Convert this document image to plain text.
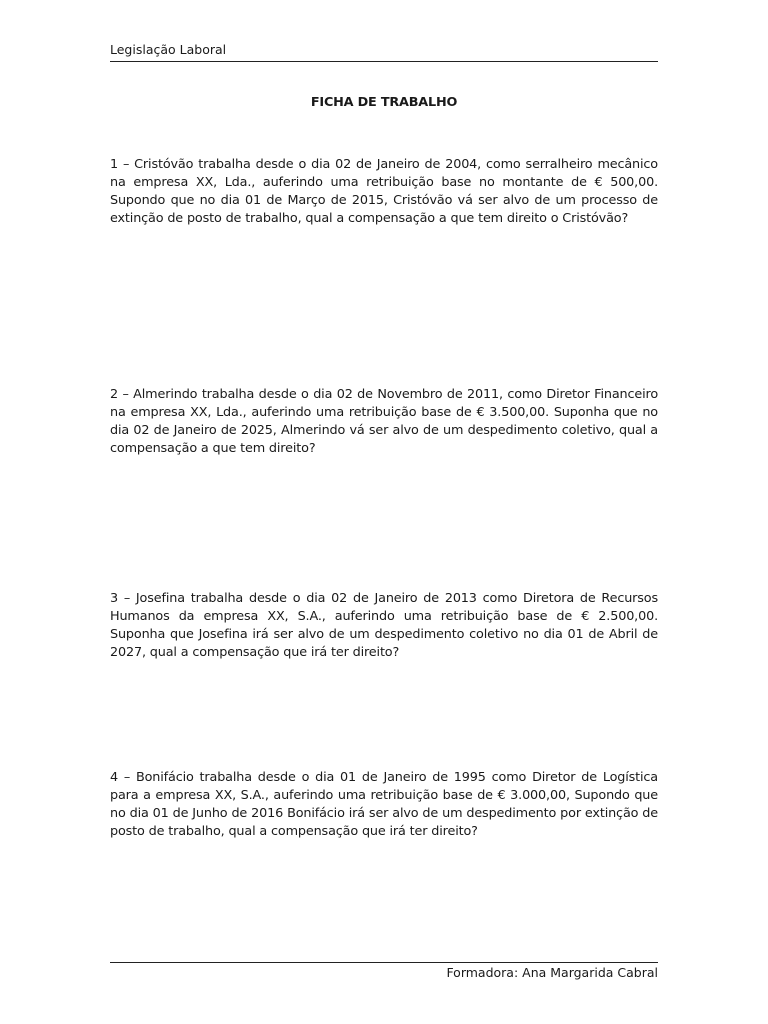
Legislação Laboral
FICHA DE TRABALHO

1 – Cristóvão trabalha desde o dia 02 de Janeiro de 2004, como serralheiro mecânico na empresa XX, Lda., auferindo uma retribuição base no montante de € 500,00. Supondo que no dia 01 de Março de 2015, Cristóvão vá ser alvo de um processo de extinção de posto de trabalho, qual a compensação a que tem direito o Cristóvão?

2 – Almerindo trabalha desde o dia 02 de Novembro de 2011, como Diretor Financeiro na empresa XX, Lda., auferindo uma retribuição base de € 3.500,00. Suponha que no dia 02 de Janeiro de 2025, Almerindo vá ser alvo de um despedimento coletivo, qual a compensação a que tem direito?

3 – Josefina trabalha desde o dia 02 de Janeiro de 2013 como Diretora de Recursos Humanos da empresa XX, S.A., auferindo uma retribuição base de € 2.500,00. Suponha que Josefina irá ser alvo de um despedimento coletivo no dia 01 de Abril de 2027, qual a compensação que irá ter direito?

4 – Bonifácio trabalha desde o dia 01 de Janeiro de 1995 como Diretor de Logística para a empresa XX, S.A., auferindo uma retribuição base de € 3.000,00, Supondo que no dia 01 de Junho de 2016 Bonifácio irá ser alvo de um despedimento por extinção de posto de trabalho, qual a compensação que irá ter direito?

Formadora: Ana Margarida Cabral
